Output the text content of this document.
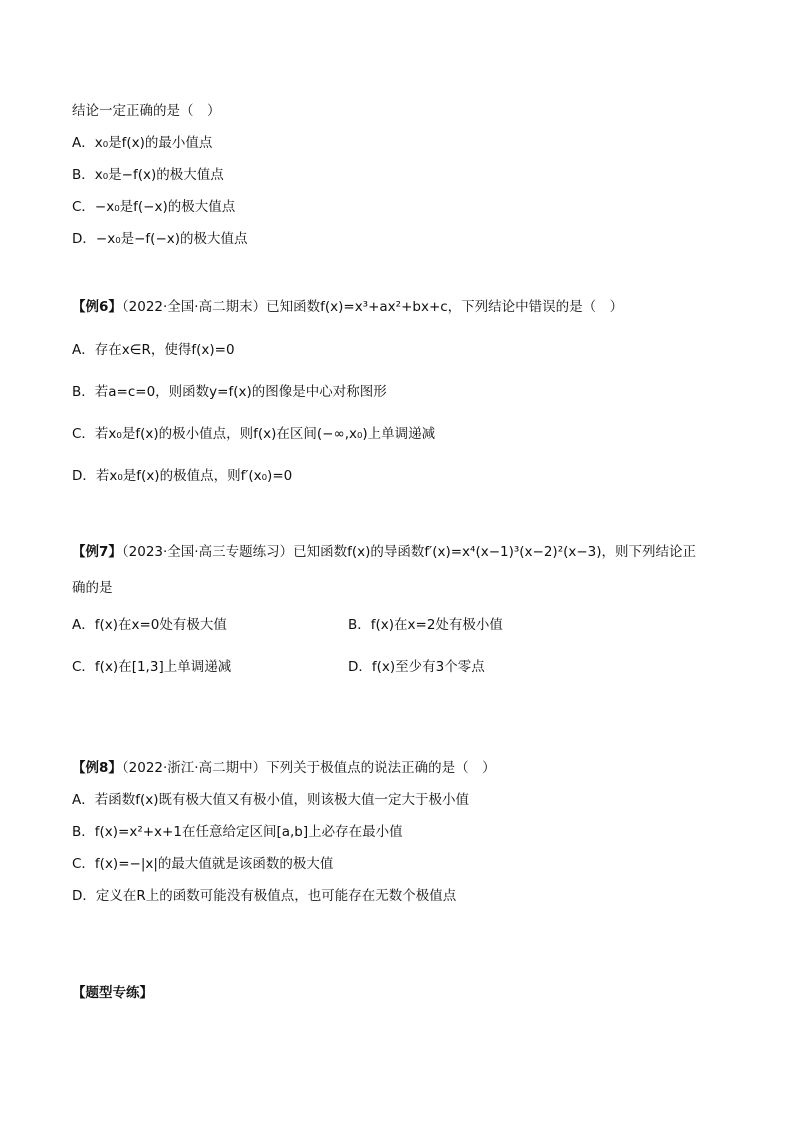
结论一定正确的是（　）
A．x₀是f(x)的最小值点
B．x₀是−f(x)的极大值点
C．−x₀是f(−x)的极大值点
D．−x₀是−f(−x)的极大值点
【例6】（2022·全国·高二期末）已知函数f(x)=x³+ax²+bx+c，下列结论中错误的是（　）
A．存在x∈R，使得f(x)=0
B．若a=c=0，则函数y=f(x)的图像是中心对称图形
C．若x₀是f(x)的极小值点，则f(x)在区间(−∞,x₀)上单调递减
D．若x₀是f(x)的极值点，则f′(x₀)=0
【例7】（2023·全国·高三专题练习）已知函数f(x)的导函数f′(x)=x⁴(x−1)³(x−2)²(x−3)，则下列结论正
确的是
A．f(x)在x=0处有极大值	B．f(x)在x=2处有极小值
C．f(x)在[1,3]上单调递减	D．f(x)至少有3个零点
【例8】（2022·浙江·高二期中）下列关于极值点的说法正确的是（　）
A．若函数f(x)既有极大值又有极小值，则该极大值一定大于极小值
B．f(x)=x²+x+1在任意给定区间[a,b]上必存在最小值
C．f(x)=−|x|的最大值就是该函数的极大值
D．定义在R上的函数可能没有极值点，也可能存在无数个极值点
【题型专练】
